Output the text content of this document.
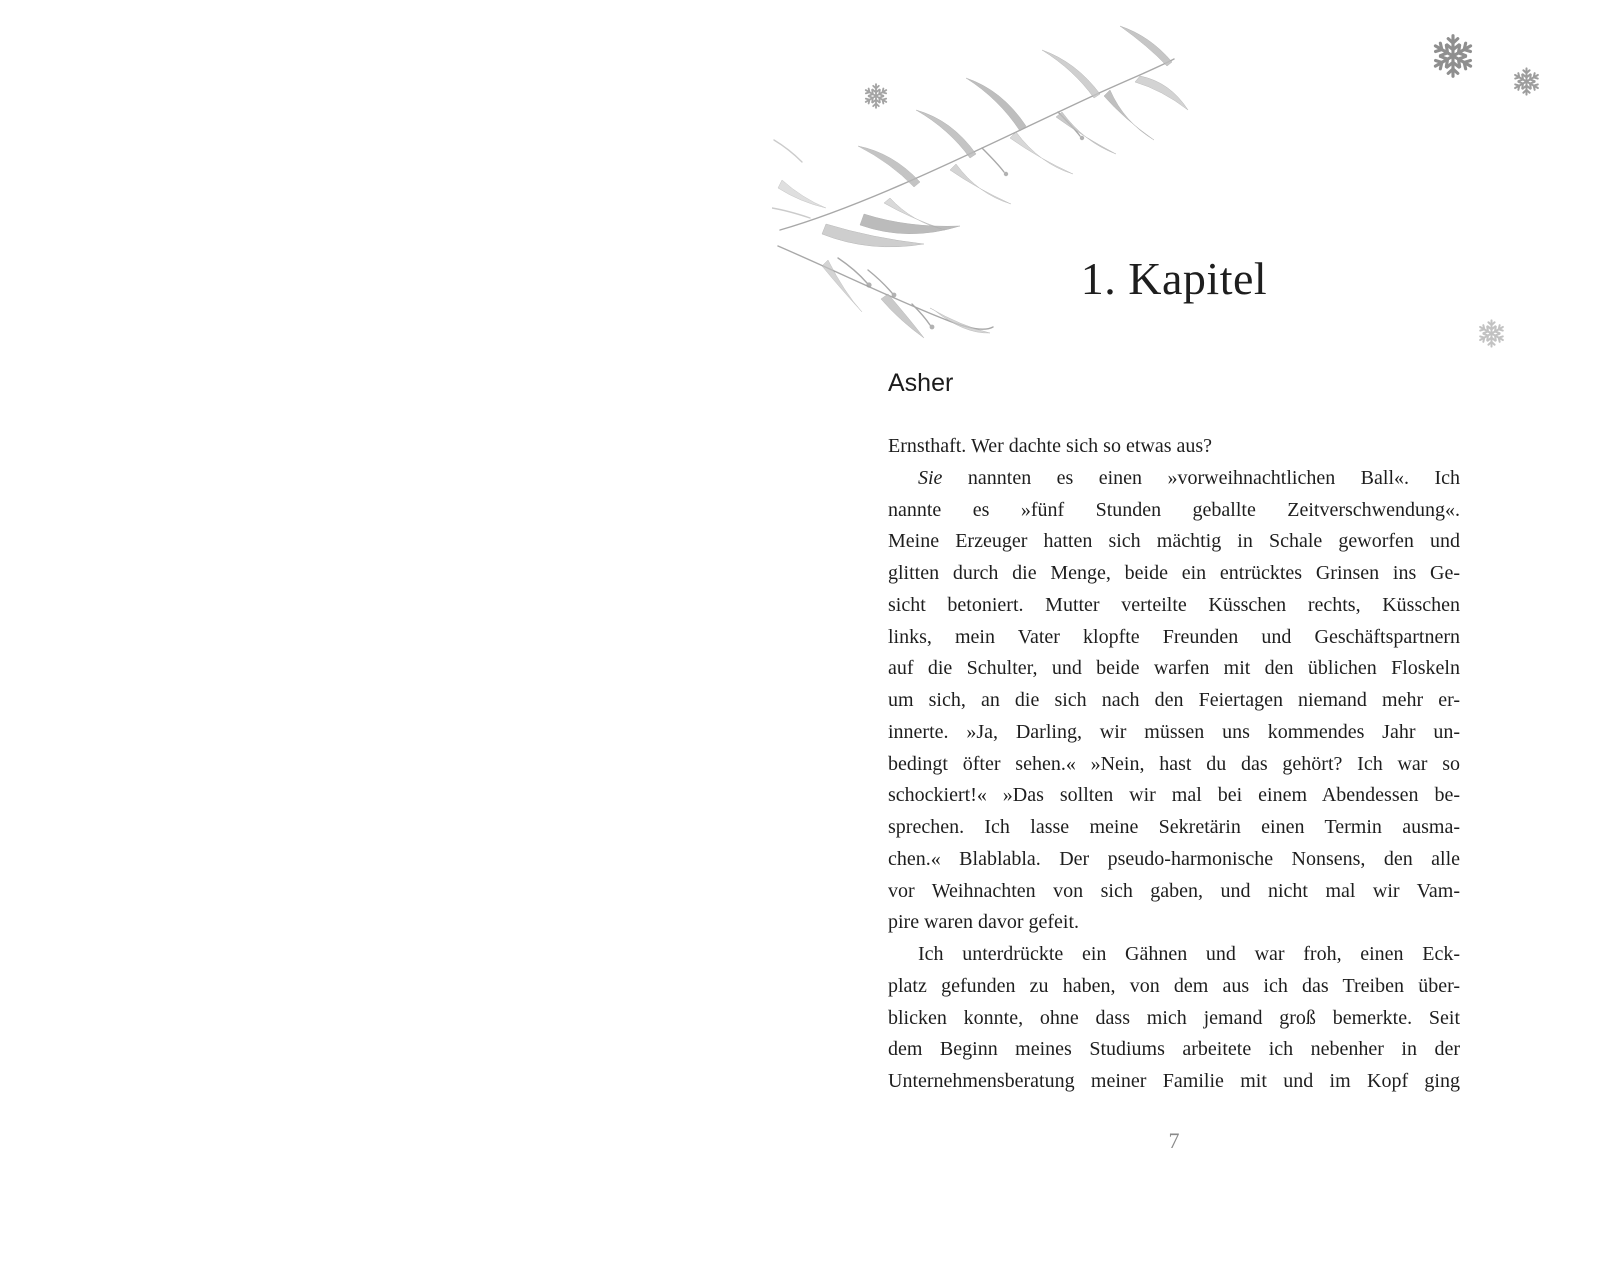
1. Kapitel
Asher
Ernsthaft. Wer dachte sich so etwas aus?
Sie nannten es einen »vorweihnachtlichen Ball«. Ich
nannte es »fünf Stunden geballte Zeitverschwendung«.
Meine Erzeuger hatten sich mächtig in Schale geworfen und
glitten durch die Menge, beide ein entrücktes Grinsen ins Ge-
sicht betoniert. Mutter verteilte Küsschen rechts, Küsschen
links, mein Vater klopfte Freunden und Geschäftspartnern
auf die Schulter, und beide warfen mit den üblichen Floskeln
um sich, an die sich nach den Feiertagen niemand mehr er-
innerte. »Ja, Darling, wir müssen uns kommendes Jahr un-
bedingt öfter sehen.« »Nein, hast du das gehört? Ich war so
schockiert!« »Das sollten wir mal bei einem Abendessen be-
sprechen. Ich lasse meine Sekretärin einen Termin ausma-
chen.« Blablabla. Der pseudo-harmonische Nonsens, den alle
vor Weihnachten von sich gaben, und nicht mal wir Vam-
pire waren davor gefeit.
Ich unterdrückte ein Gähnen und war froh, einen Eck-
platz gefunden zu haben, von dem aus ich das Treiben über-
blicken konnte, ohne dass mich jemand groß bemerkte. Seit
dem Beginn meines Studiums arbeitete ich nebenher in der
Unternehmensberatung meiner Familie mit und im Kopf ging
7
